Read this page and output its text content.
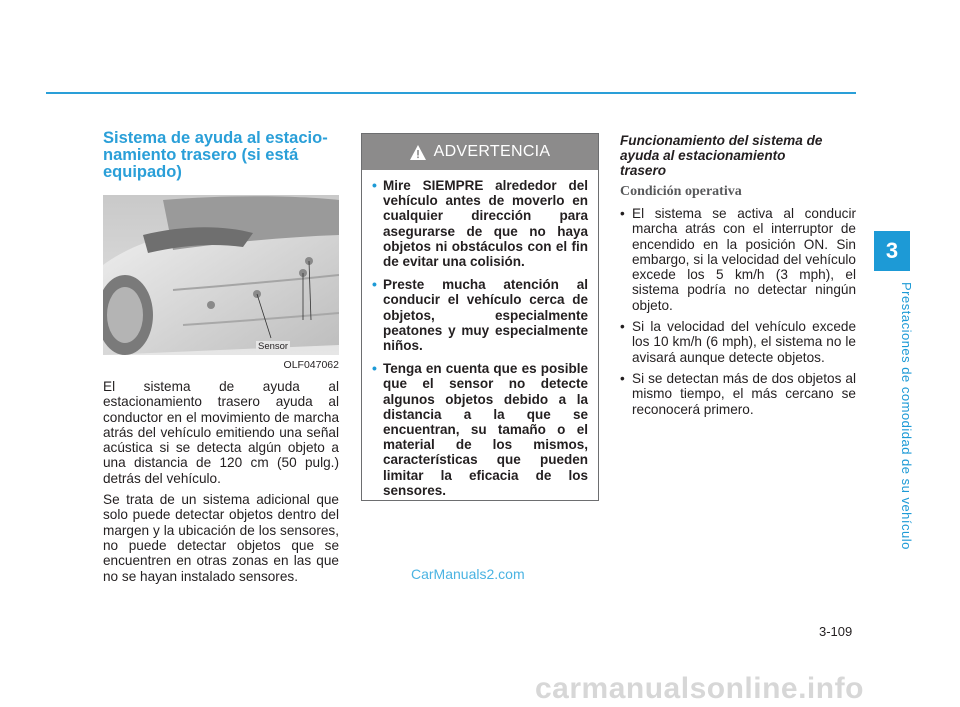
3
Prestaciones de comodidad de su vehículo
Sistema de ayuda al estacio-
namiento trasero (si está
equipado)
Sensor
OLF047062

El sistema de ayuda al estacionamiento trasero ayuda al conductor en el movimiento de marcha atrás del vehículo emitiendo una señal acústica si se detecta algún objeto a una distancia de 120 cm (50 pulg.) detrás del vehículo.

Se trata de un sistema adicional que solo puede detectar objetos dentro del margen y la ubicación de los sensores, no puede detectar objetos que se encuentren en otras zonas en las que no se hayan instalado sensores.

ADVERTENCIA
• Mire SIEMPRE alrededor del vehículo antes de moverlo en cualquier dirección para asegurarse de que no haya objetos ni obstáculos con el fin de evitar una colisión.
• Preste mucha atención al conducir el vehículo cerca de objetos, especialmente peatones y muy especialmente niños.
• Tenga en cuenta que es posible que el sensor no detecte algunos objetos debido a la distancia a la que se encuentran, su tamaño o el material de los mismos, características que pueden limitar la eficacia de los sensores.
Funcionamiento del sistema de
ayuda al estacionamiento
trasero
Condición operativa
• El sistema se activa al conducir marcha atrás con el interruptor de encendido en la posición ON. Sin embargo, si la velocidad del vehículo excede los 5 km/h (3 mph), el sistema podría no detectar ningún objeto.
• Si la velocidad del vehículo excede los 10 km/h (6 mph), el sistema no le avisará aunque detecte objetos.
• Si se detectan más de dos objetos al mismo tiempo, el más cercano se reconocerá primero.
CarManuals2.com
3-109
carmanualsonline.info
